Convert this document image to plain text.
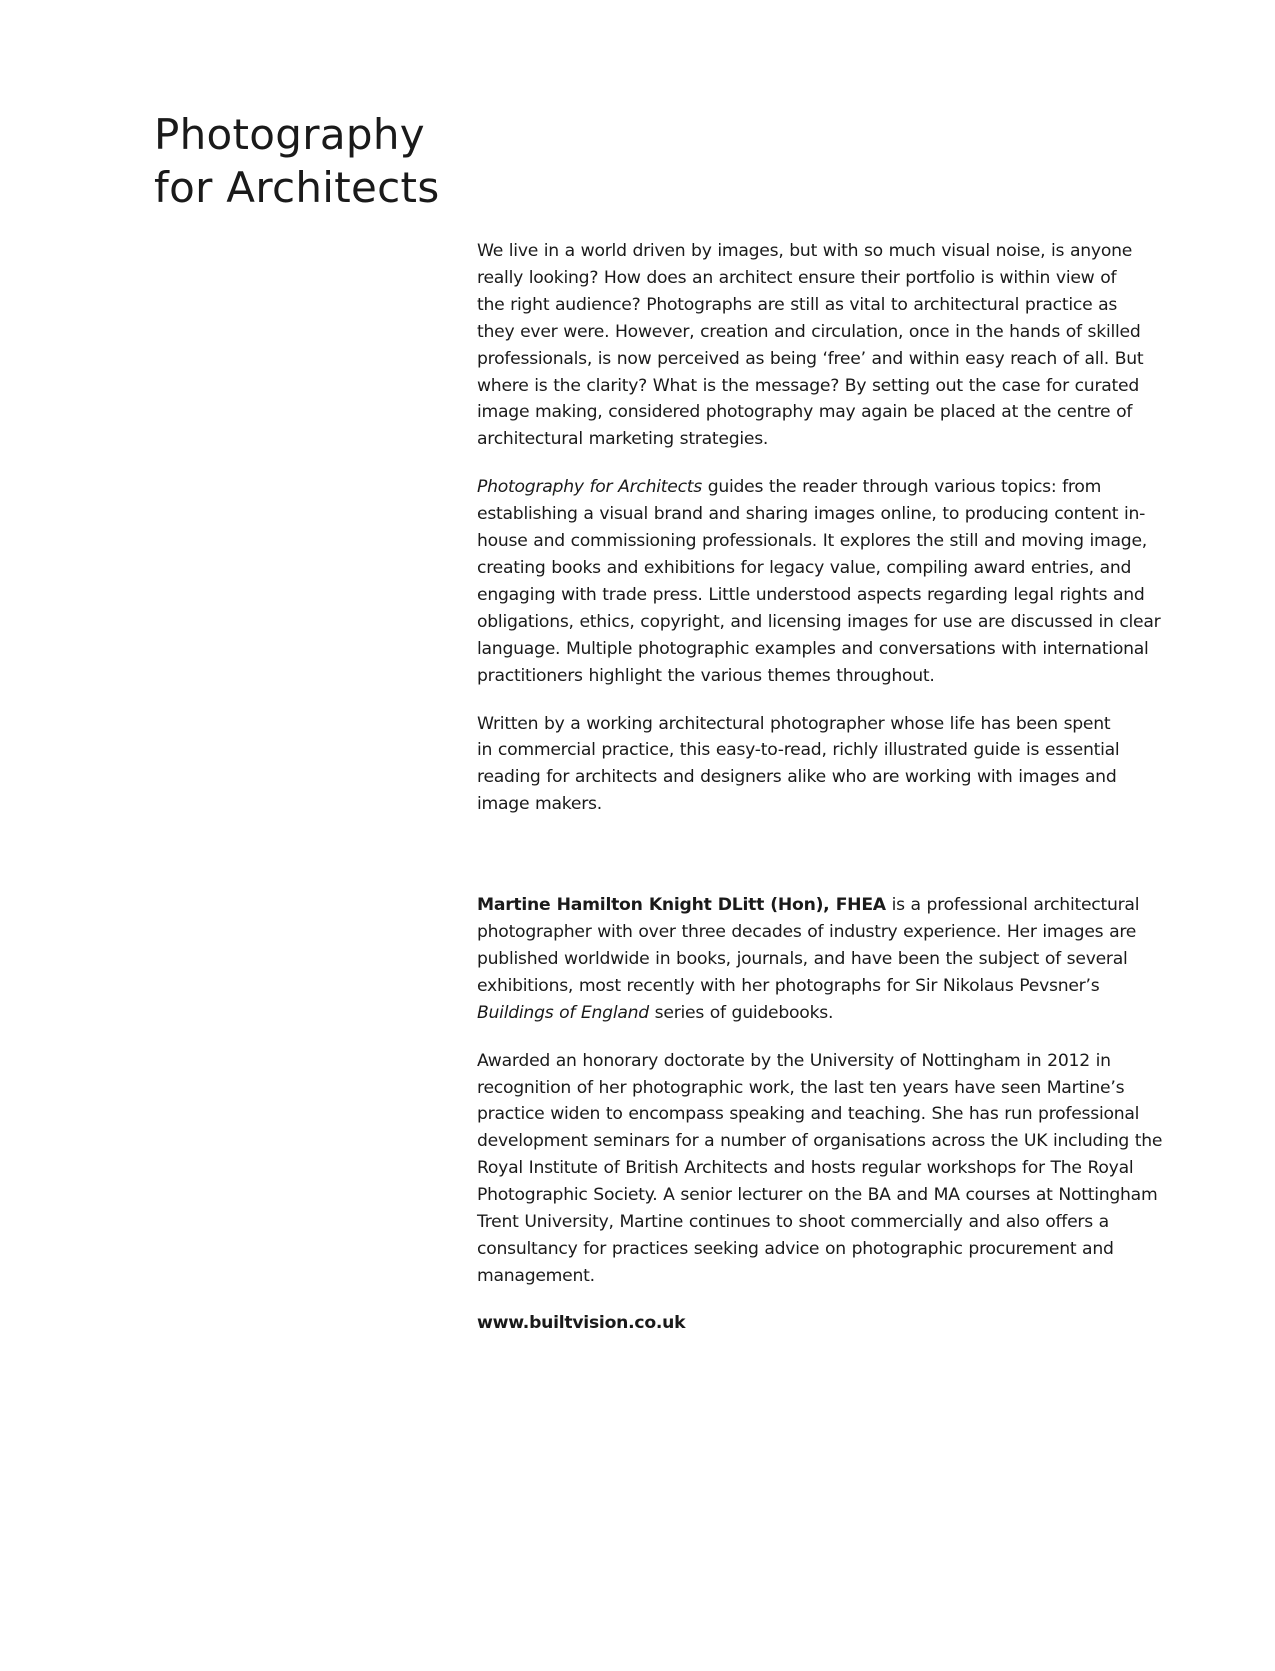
Photography
for Architects

We live in a world driven by images, but with so much visual noise, is anyone
really looking? How does an architect ensure their portfolio is within view of
the right audience? Photographs are still as vital to architectural practice as
they ever were. However, creation and circulation, once in the hands of skilled
professionals, is now perceived as being ‘free’ and within easy reach of all. But
where is the clarity? What is the message? By setting out the case for curated
image making, considered photography may again be placed at the centre of
architectural marketing strategies.

Photography for Architects guides the reader through various topics: from
establishing a visual brand and sharing images online, to producing content in-
house and commissioning professionals. It explores the still and moving image,
creating books and exhibitions for legacy value, compiling award entries, and
engaging with trade press. Little understood aspects regarding legal rights and
obligations, ethics, copyright, and licensing images for use are discussed in clear
language. Multiple photographic examples and conversations with international
practitioners highlight the various themes throughout.

Written by a working architectural photographer whose life has been spent
in commercial practice, this easy-to-read, richly illustrated guide is essential
reading for architects and designers alike who are working with images and
image makers.

Martine Hamilton Knight DLitt (Hon), FHEA is a professional architectural
photographer with over three decades of industry experience. Her images are
published worldwide in books, journals, and have been the subject of several
exhibitions, most recently with her photographs for Sir Nikolaus Pevsner’s
Buildings of England series of guidebooks.

Awarded an honorary doctorate by the University of Nottingham in 2012 in
recognition of her photographic work, the last ten years have seen Martine’s
practice widen to encompass speaking and teaching. She has run professional
development seminars for a number of organisations across the UK including the
Royal Institute of British Architects and hosts regular workshops for The Royal
Photographic Society. A senior lecturer on the BA and MA courses at Nottingham
Trent University, Martine continues to shoot commercially and also offers a
consultancy for practices seeking advice on photographic procurement and
management.

www.builtvision.co.uk
